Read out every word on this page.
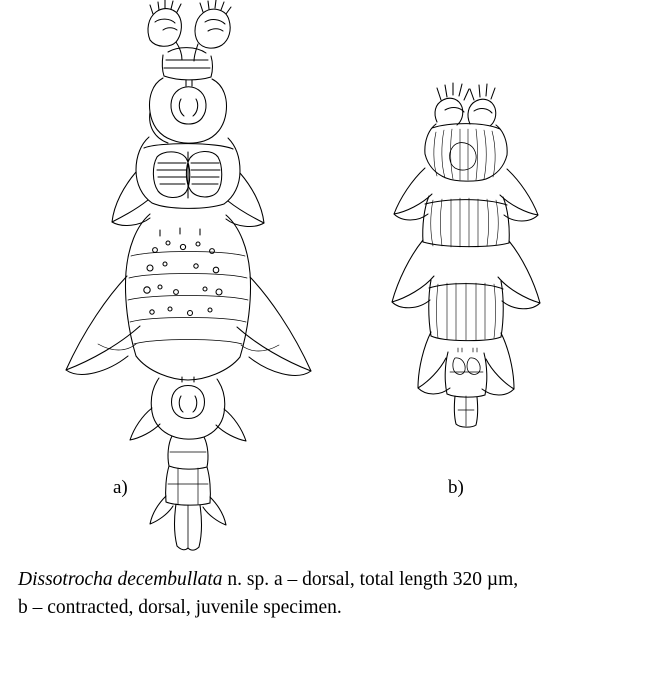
a)	b)
Dissotrocha decembullata n. sp. a – dorsal, total length 320 µm,
b – contracted, dorsal, juvenile specimen.
